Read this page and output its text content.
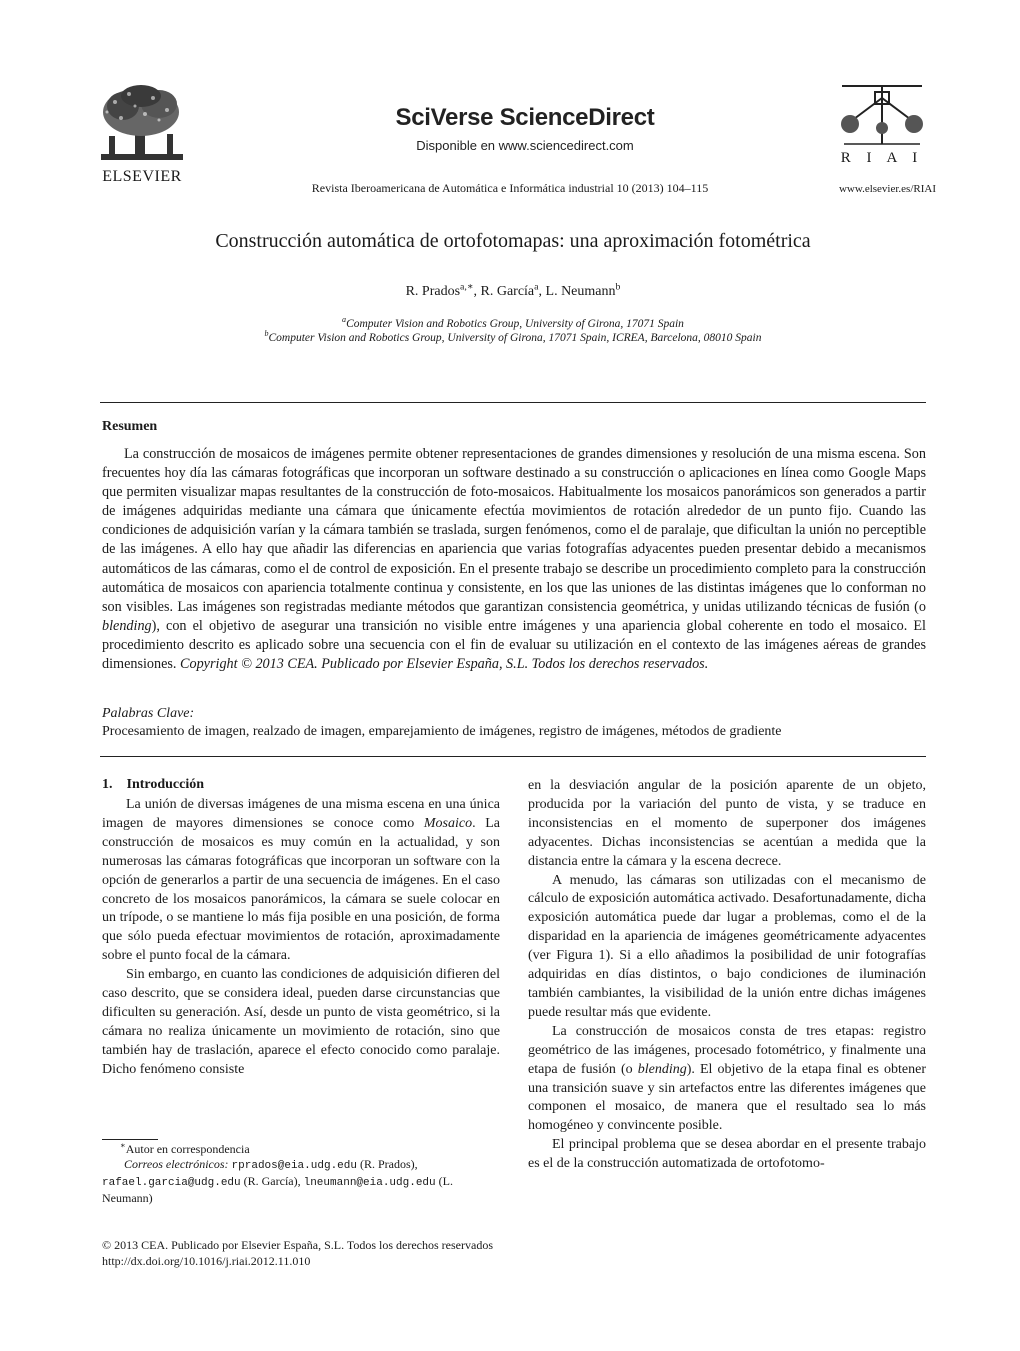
ELSEVIER
SciVerse ScienceDirect
Disponible en www.sciencedirect.com
Revista Iberoamericana de Automática e Informática industrial 10 (2013) 104–115
R I A I
www.elsevier.es/RIAI
Construcción automática de ortofotomapas: una aproximación fotométrica
R. Prados$^{a,∗}$, R. García$^a$, L. Neumann$^b$
$^a$Computer Vision and Robotics Group, University of Girona, 17071 Spain
$^b$Computer Vision and Robotics Group, University of Girona, 17071 Spain, ICREA, Barcelona, 08010 Spain
Resumen

La construcción de mosaicos de imágenes permite obtener representaciones de grandes dimensiones y resolución de una misma escena. Son frecuentes hoy día las cámaras fotográficas que incorporan un software destinado a su construcción o aplicaciones en línea como Google Maps que permiten visualizar mapas resultantes de la construcción de foto-mosaicos. Habitualmente los mosaicos panorámicos son generados a partir de imágenes adquiridas mediante una cámara que únicamente efectúa movimientos de rotación alrededor de un punto fijo. Cuando las condiciones de adquisición varían y la cámara también se traslada, surgen fenómenos, como el de paralaje, que dificultan la unión no perceptible de las imágenes. A ello hay que añadir las diferencias en apariencia que varias fotografías adyacentes pueden presentar debido a mecanismos automáticos de las cámaras, como el de control de exposición. En el presente trabajo se describe un procedimiento completo para la construcción automática de mosaicos con apariencia totalmente continua y consistente, en los que las uniones de las distintas imágenes que lo conforman no son visibles. Las imágenes son registradas mediante métodos que garantizan consistencia geométrica, y unidas utilizando técnicas de fusión (o blending), con el objetivo de asegurar una transición no visible entre imágenes y una apariencia global coherente en todo el mosaico. El procedimiento descrito es aplicado sobre una secuencia con el fin de evaluar su utilización en el contexto de las imágenes aéreas de grandes dimensiones. Copyright © 2013 CEA. Publicado por Elsevier España, S.L. Todos los derechos reservados.

Palabras Clave:
Procesamiento de imagen, realzado de imagen, emparejamiento de imágenes, registro de imágenes, métodos de gradiente
1. Introducción

La unión de diversas imágenes de una misma escena en una única imagen de mayores dimensiones se conoce como Mosaico. La construcción de mosaicos es muy común en la actualidad, y son numerosas las cámaras fotográficas que incorporan un software con la opción de generarlos a partir de una secuencia de imágenes. En el caso concreto de los mosaicos panorámicos, la cámara se suele colocar en un trípode, o se mantiene lo más fija posible en una posición, de forma que sólo pueda efectuar movimientos de rotación, aproximadamente sobre el punto focal de la cámara.

Sin embargo, en cuanto las condiciones de adquisición difieren del caso descrito, que se considera ideal, pueden darse circunstancias que dificulten su generación. Así, desde un punto de vista geométrico, si la cámara no realiza únicamente un movimiento de rotación, sino que también hay de traslación, aparece el efecto conocido como paralaje. Dicho fenómeno consiste

en la desviación angular de la posición aparente de un objeto, producida por la variación del punto de vista, y se traduce en inconsistencias en el momento de superponer dos imágenes adyacentes. Dichas inconsistencias se acentúan a medida que la distancia entre la cámara y la escena decrece.

A menudo, las cámaras son utilizadas con el mecanismo de cálculo de exposición automática activado. Desafortunadamente, dicha exposición automática puede dar lugar a problemas, como el de la disparidad en la apariencia de imágenes geométricamente adyacentes (ver Figura 1). Si a ello añadimos la posibilidad de unir fotografías adquiridas en días distintos, o bajo condiciones de iluminación también cambiantes, la visibilidad de la unión entre dichas imágenes puede resultar más que evidente.

La construcción de mosaicos consta de tres etapas: registro geométrico de las imágenes, procesado fotométrico, y finalmente una etapa de fusión (o blending). El objetivo de la etapa final es obtener una transición suave y sin artefactos entre las diferentes imágenes que componen el mosaico, de manera que el resultado sea lo más homogéneo y convincente posible.

El principal problema que se desea abordar en el presente trabajo es el de la construcción automatizada de ortofotomo-

∗Autor en correspondencia
Correos electrónicos: rprados@eia.udg.edu (R. Prados), rafael.garcia@udg.edu (R. García), lneumann@eia.udg.edu (L. Neumann)
© 2013 CEA. Publicado por Elsevier España, S.L. Todos los derechos reservados
http://dx.doi.org/10.1016/j.riai.2012.11.010
